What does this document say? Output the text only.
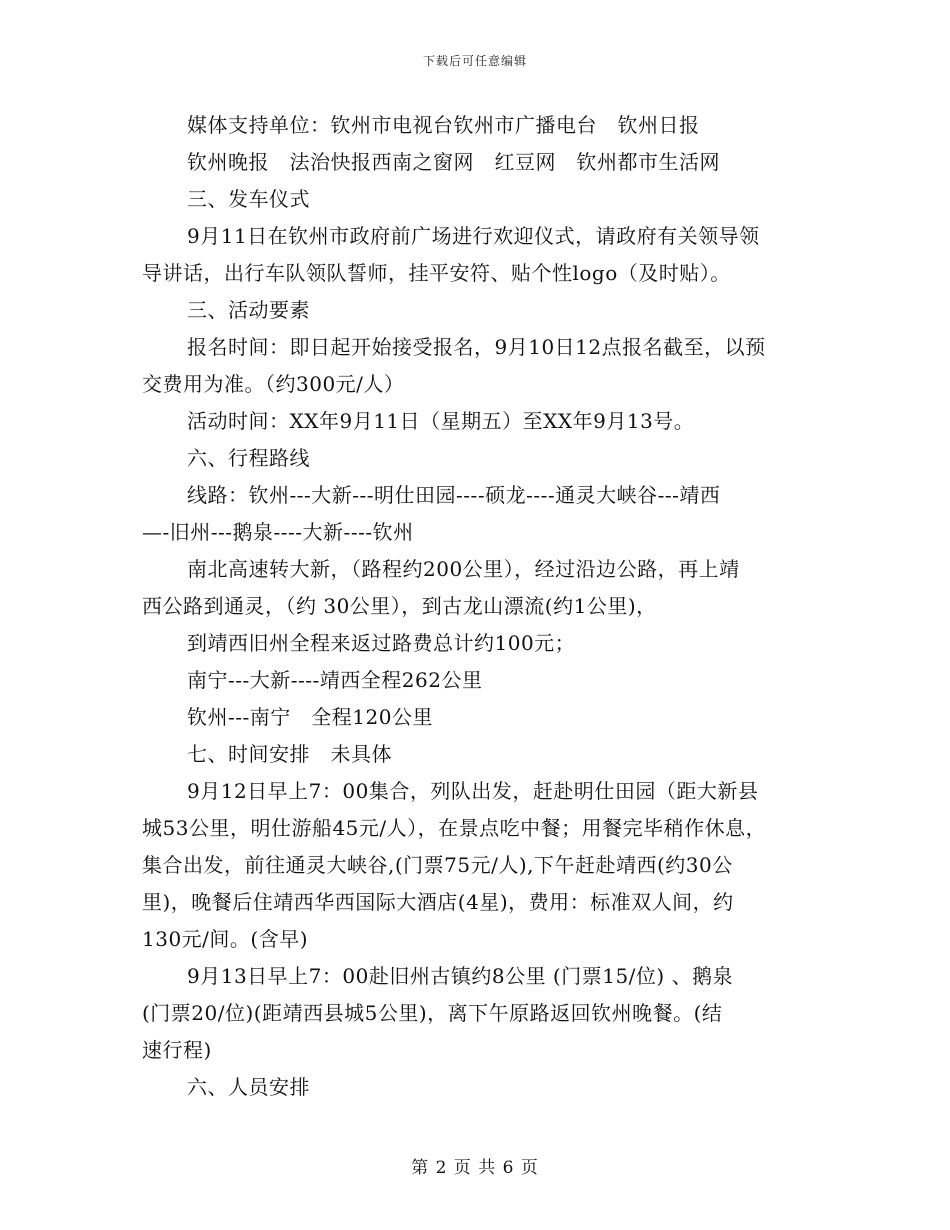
下载后可任意编辑
媒体支持单位：钦州市电视台钦州市广播电台　钦州日报
钦州晚报　法治快报西南之窗网　红豆网　钦州都市生活网
三、发车仪式
9月11日在钦州市政府前广场进行欢迎仪式，请政府有关领导领
导讲话，出行车队领队誓师，挂平安符、贴个性logo（及时贴）。
三、活动要素
报名时间：即日起开始接受报名，9月10日12点报名截至，以预
交费用为准。（约300元/人）
活动时间：XX年9月11日（星期五）至XX年9月13号。
六、行程路线
线路：钦州---大新---明仕田园----硕龙----通灵大峡谷---靖西
—-旧州---鹅泉----大新----钦州
南北高速转大新，（路程约200公里），经过沿边公路，再上靖
西公路到通灵，（约 30公里），到古龙山漂流(约1公里)，
到靖西旧州全程来返过路费总计约100元；
南宁---大新----靖西全程262公里
钦州---南宁　全程120公里
七、时间安排　未具体
9月12日早上7：00集合，列队出发，赶赴明仕田园（距大新县
城53公里，明仕游船45元/人），在景点吃中餐；用餐完毕稍作休息，
集合出发，前往通灵大峡谷,(门票75元/人),下午赶赴靖西(约30公
里)，晚餐后住靖西华西国际大酒店(4星)，费用：标准双人间，约
130元/间。(含早)
9月13日早上7：00赴旧州古镇约8公里 (门票15/位) 、鹅泉
(门票20/位)(距靖西县城5公里)，离下午原路返回钦州晚餐。(结
速行程)
六、人员安排
第 2 页 共 6 页
